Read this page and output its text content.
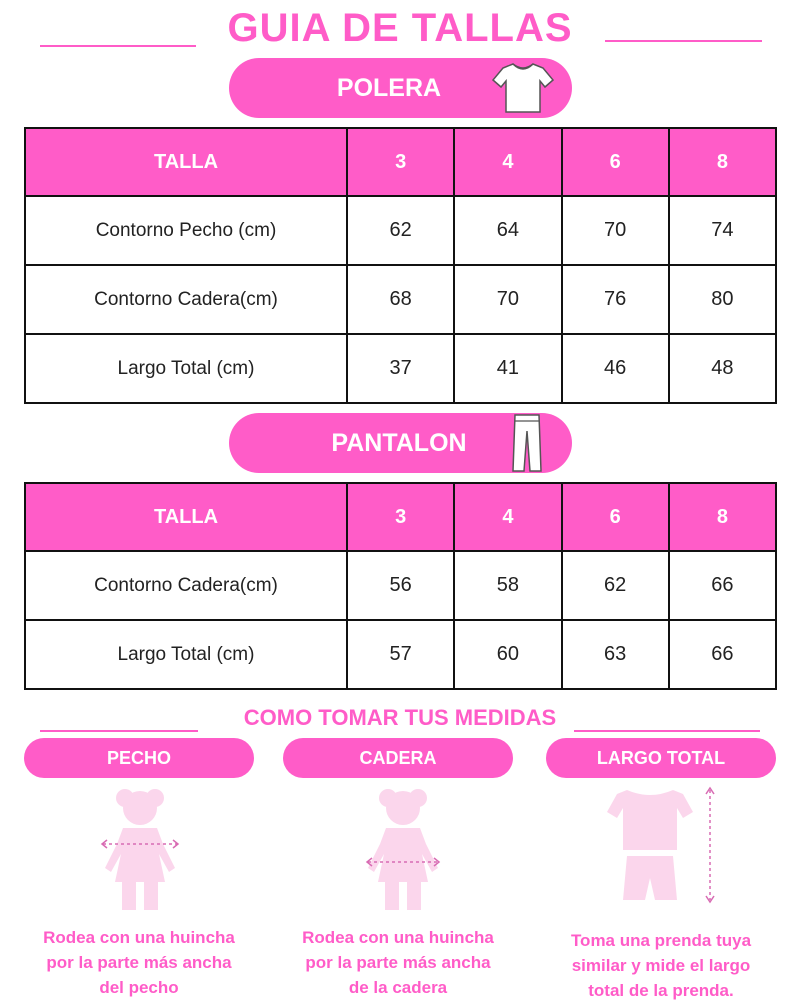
GUIA DE TALLAS
POLERA
TALLA	3	4	6	8
Contorno Pecho (cm)	62	64	70	74
Contorno Cadera(cm)	68	70	76	80
Largo Total (cm)	37	41	46	48
PANTALON
TALLA	3	4	6	8
Contorno Cadera(cm)	56	58	62	66
Largo Total (cm)	57	60	63	66
COMO TOMAR TUS MEDIDAS
PECHO	CADERA	LARGO TOTAL
Rodea con una huincha
por la parte más ancha
del pecho
Rodea con una huincha
por la parte más ancha
de la cadera
Toma una prenda tuya
similar y mide el largo
total de la prenda.
